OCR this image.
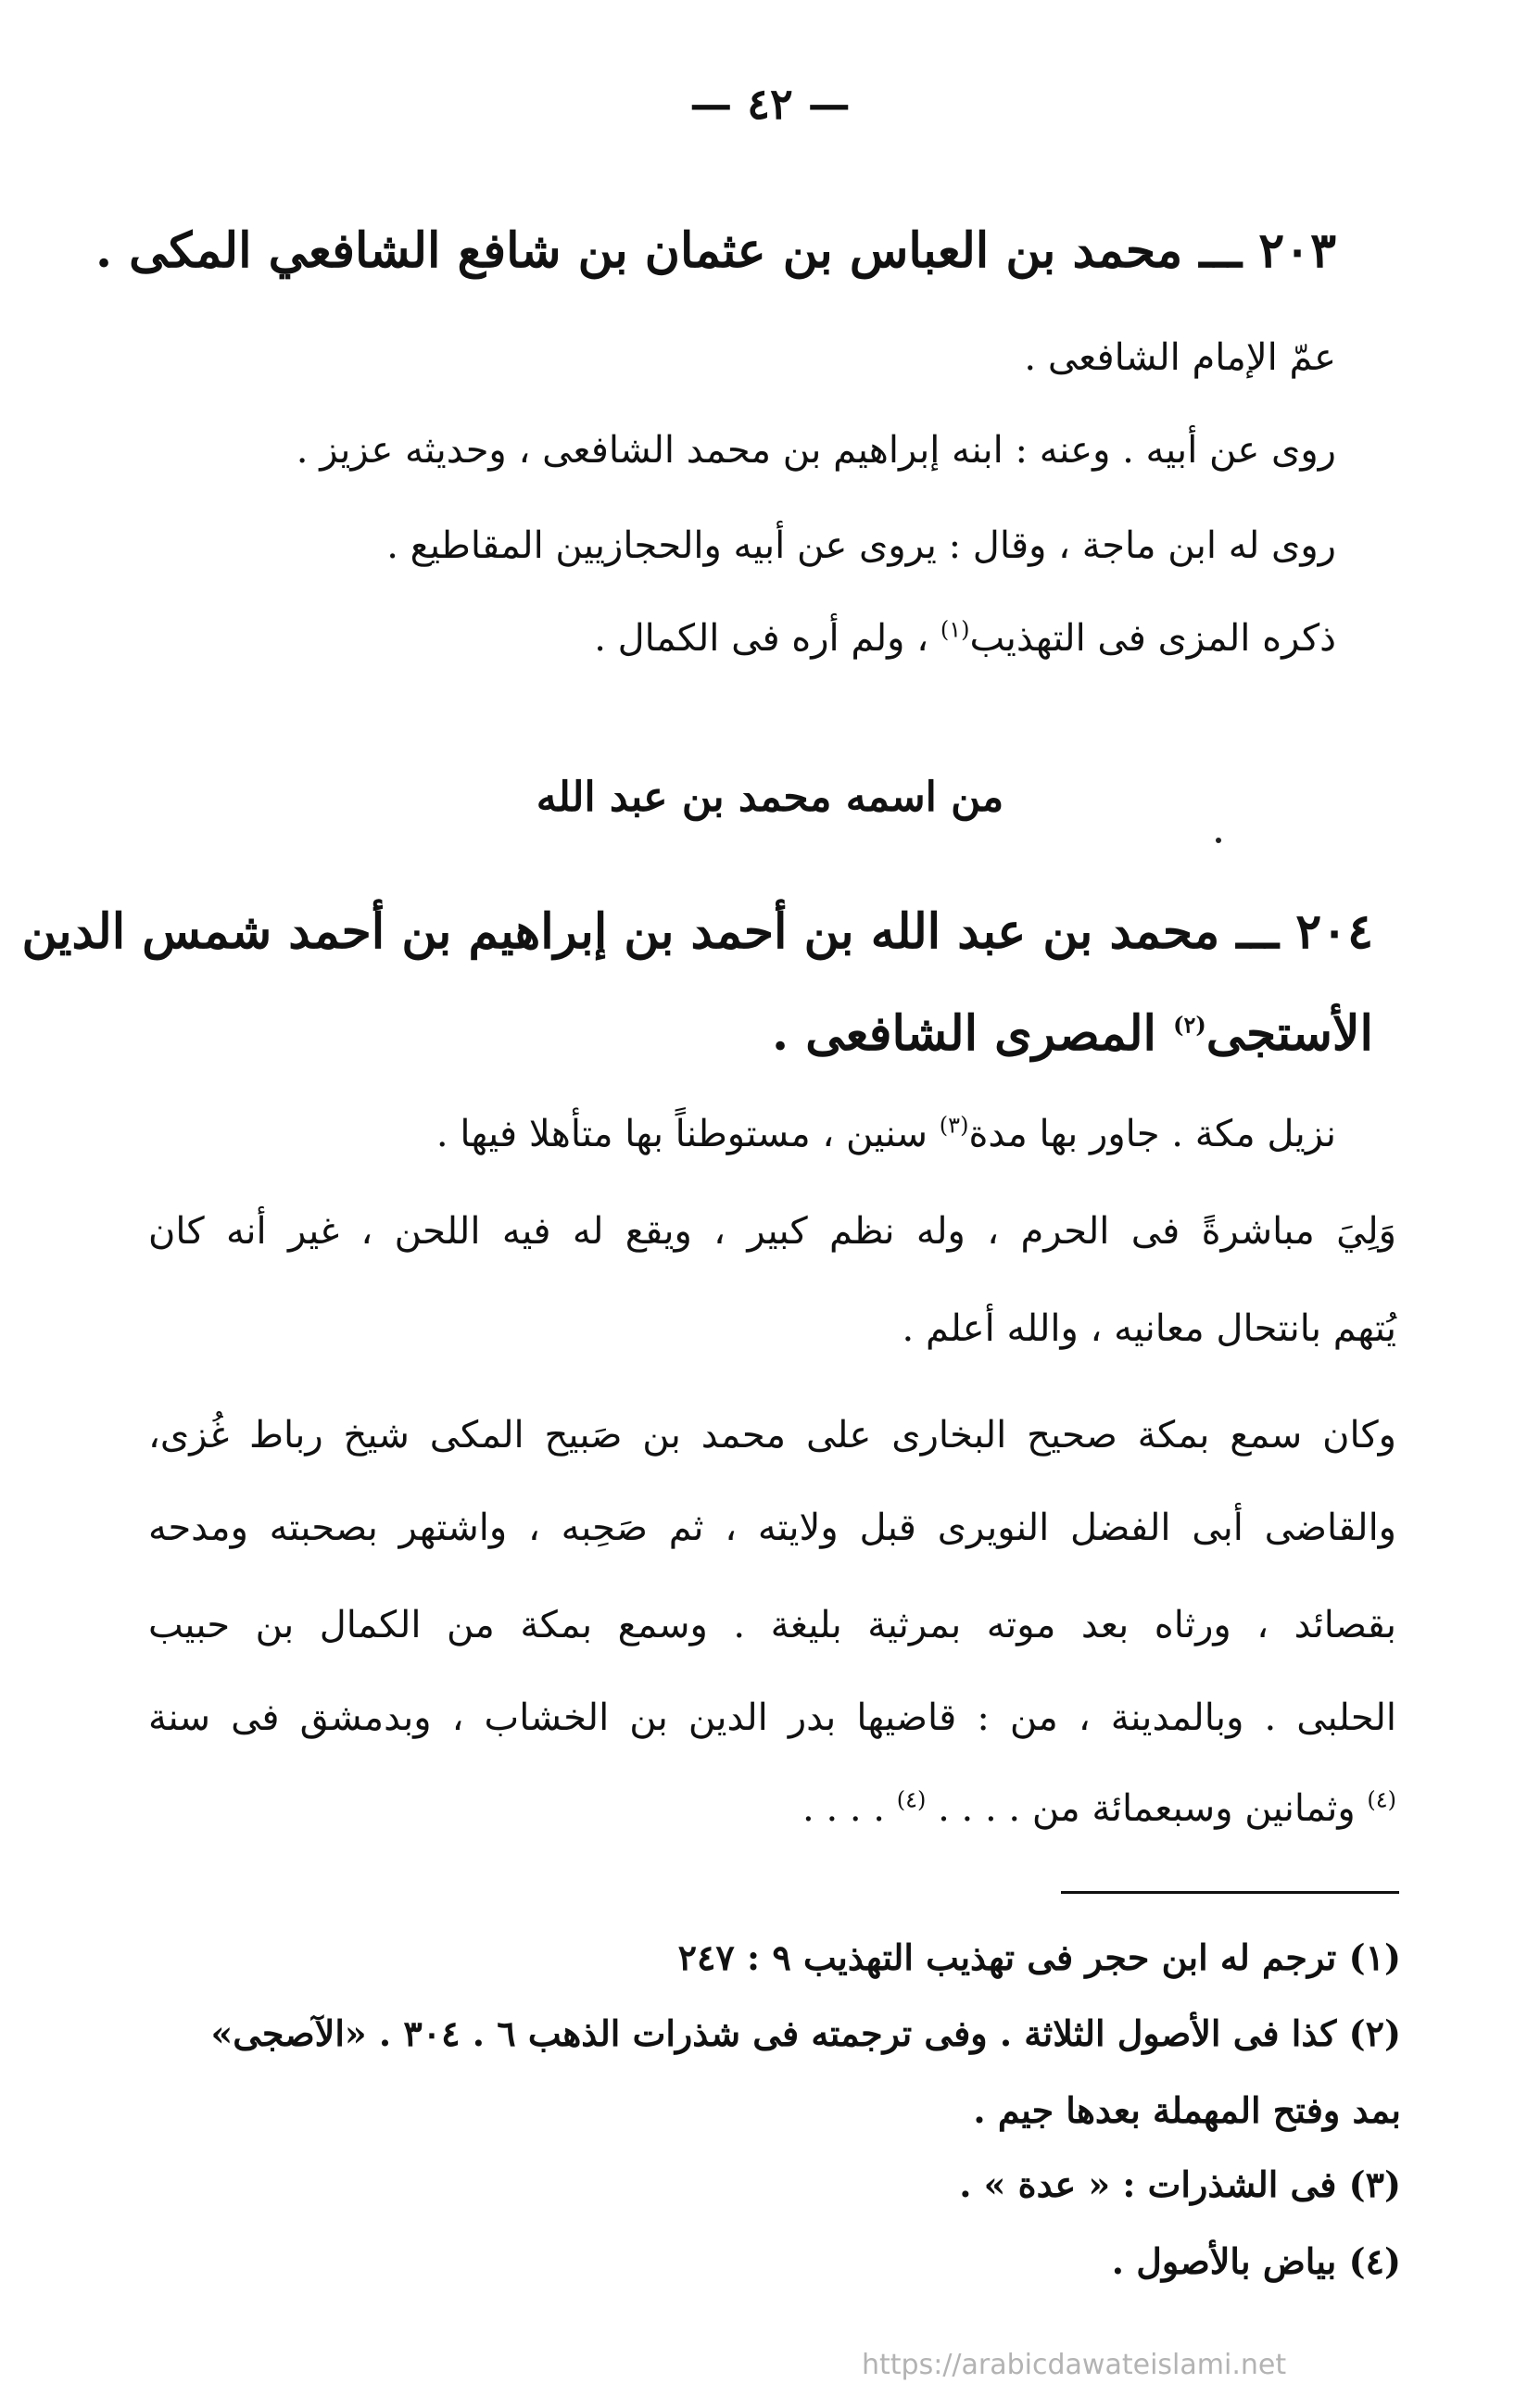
— ٤٢ —
٢٠٣ ـــ محمد بن العباس بن عثمان بن شافع الشافعي المكى .
عمّ الإمام الشافعى .
روى عن أبيه . وعنه : ابنه إبراهيم بن محمد الشافعى ، وحديثه عزيز .
روى له ابن ماجة ، وقال : يروى عن أبيه والحجازيين المقاطيع .
ذكره المزى فى التهذيب$^{(١)}$ ، ولم أره فى الكمال .
من اسمه محمد بن عبد الله
٢٠٤ ـــ محمد بن عبد الله بن أحمد بن إبراهيم بن أحمد شمس الدين
الأستجى$^{(٢)}$ المصرى الشافعى .
نزيل مكة . جاور بها مدة$^{(٣)}$ سنين ، مستوطناً بها متأهلا فيها .
وَلِيَ مباشرةً فى الحرم ، وله نظم كبير ، ويقع له فيه اللحن ، غير أنه كان
يُتهم بانتحال معانيه ، والله أعلم .
وكان سمع بمكة صحيح البخارى على محمد بن صَبيح المكى شيخ رباط غُزى،
والقاضى أبى الفضل النويرى قبل ولايته ، ثم صَحِبه ، واشتهر بصحبته ومدحه
بقصائد ، ورثاه بعد موته بمرثية بليغة . وسمع بمكة من الكمال بن حبيب
الحلبى . وبالمدينة ، من : قاضيها بدر الدين بن الخشاب ، وبدمشق فى سنة
$^{(٤)}$ وثمانين وسبعمائة من . . . . $^{(٤)}$ . . . .
(١) ترجم له ابن حجر فى تهذيب التهذيب ٩ : ٢٤٧
(٢) كذا فى الأصول الثلاثة . وفى ترجمته فى شذرات الذهب ٦ . ٣٠٤ . «الآصجى»
بمد وفتح المهملة بعدها جيم .
(٣) فى الشذرات : « عدة » .
(٤) بياض بالأصول .
https://arabicdawateislami.net
